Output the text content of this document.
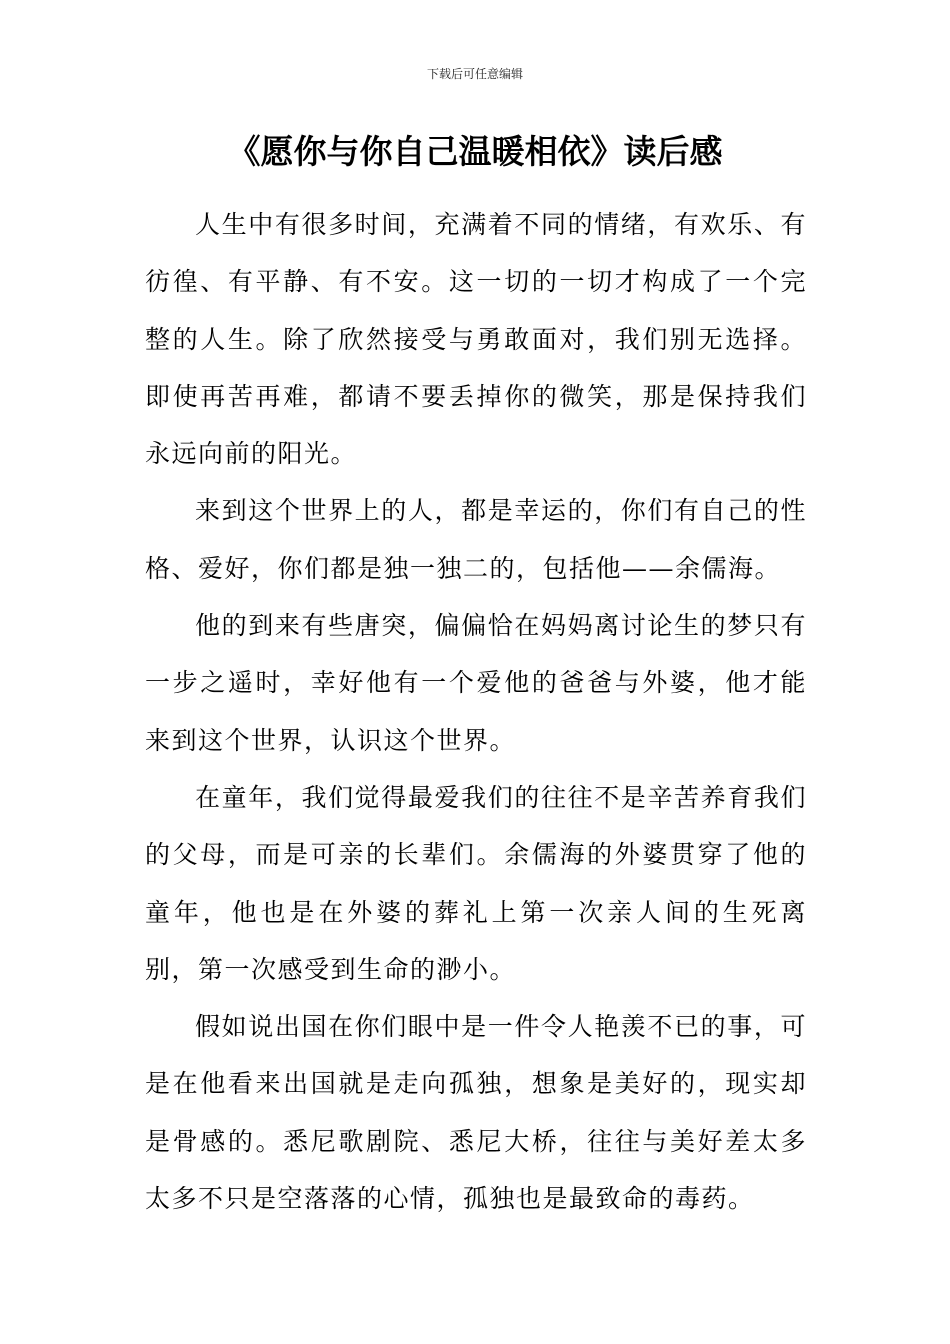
下载后可任意编辑
《愿你与你自己温暖相依》读后感

人生中有很多时间，充满着不同的情绪，有欢乐、有彷徨、有平静、有不安。这一切的一切才构成了一个完整的人生。除了欣然接受与勇敢面对，我们别无选择。即使再苦再难，都请不要丢掉你的微笑，那是保持我们永远向前的阳光。

来到这个世界上的人，都是幸运的，你们有自己的性格、爱好，你们都是独一独二的，包括他——余儒海。

他的到来有些唐突，偏偏恰在妈妈离讨论生的梦只有一步之遥时，幸好他有一个爱他的爸爸与外婆，他才能来到这个世界，认识这个世界。

在童年，我们觉得最爱我们的往往不是辛苦养育我们的父母，而是可亲的长辈们。余儒海的外婆贯穿了他的童年，他也是在外婆的葬礼上第一次亲人间的生死离别，第一次感受到生命的渺小。

假如说出国在你们眼中是一件令人艳羡不已的事，可是在他看来出国就是走向孤独，想象是美好的，现实却是骨感的。悉尼歌剧院、悉尼大桥，往往与美好差太多太多不只是空落落的心情，孤独也是最致命的毒药。
